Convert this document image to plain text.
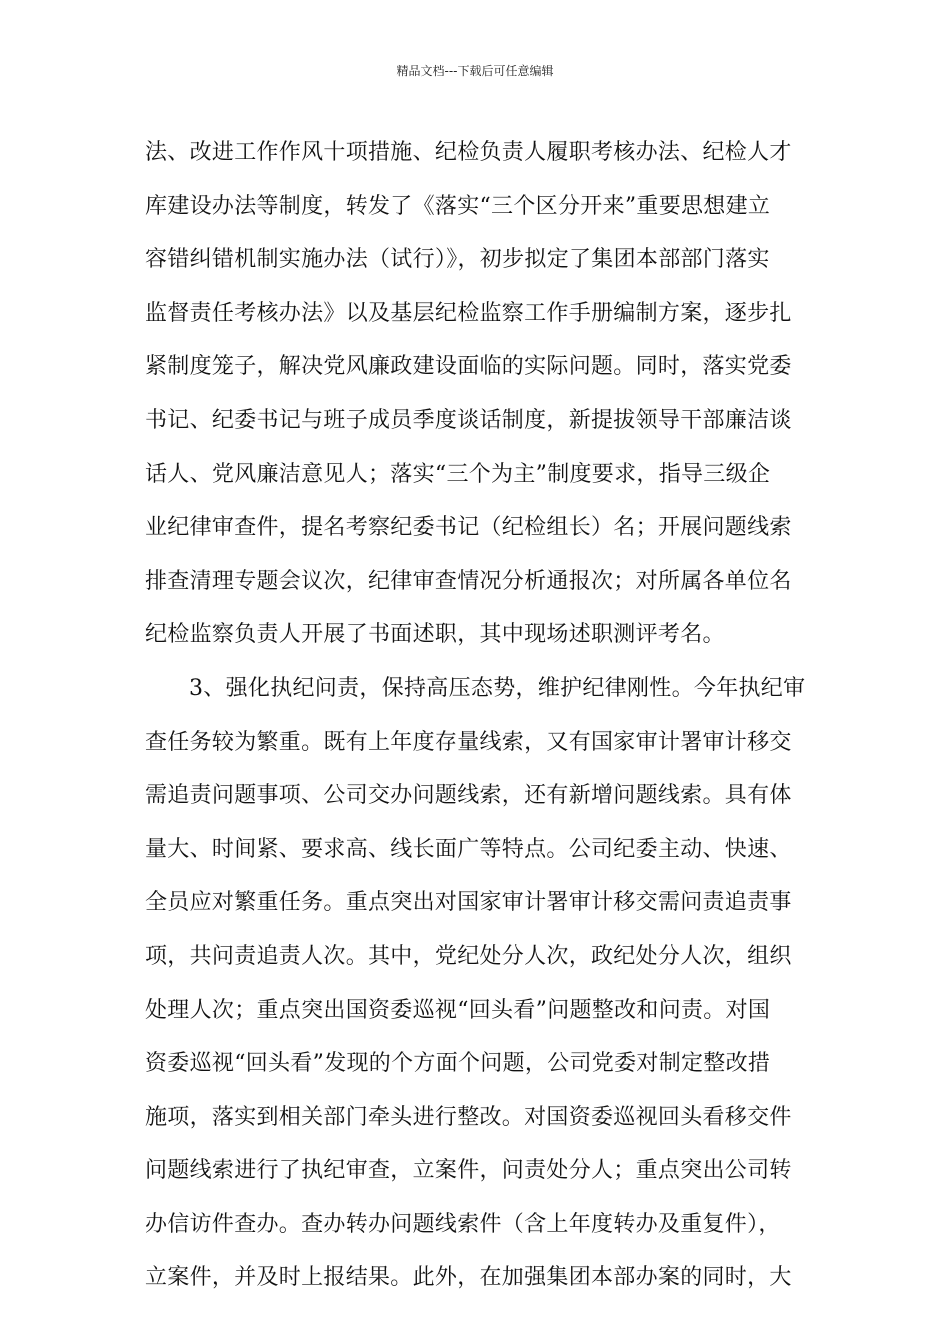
精品文档---下载后可任意编辑
法、改进工作作风十项措施、纪检负责人履职考核办法、纪检人才
库建设办法等制度，转发了《落实“三个区分开来”重要思想建立
容错纠错机制实施办法（试行）》，初步拟定了集团本部部门落实
监督责任考核办法》以及基层纪检监察工作手册编制方案，逐步扎
紧制度笼子，解决党风廉政建设面临的实际问题。同时，落实党委
书记、纪委书记与班子成员季度谈话制度，新提拔领导干部廉洁谈
话人、党风廉洁意见人；落实“三个为主”制度要求，指导三级企
业纪律审查件，提名考察纪委书记（纪检组长）名；开展问题线索
排查清理专题会议次，纪律审查情况分析通报次；对所属各单位名
纪检监察负责人开展了书面述职，其中现场述职测评考名。
3、强化执纪问责，保持高压态势，维护纪律刚性。今年执纪审
查任务较为繁重。既有上年度存量线索，又有国家审计署审计移交
需追责问题事项、公司交办问题线索，还有新增问题线索。具有体
量大、时间紧、要求高、线长面广等特点。公司纪委主动、快速、
全员应对繁重任务。重点突出对国家审计署审计移交需问责追责事
项，共问责追责人次。其中，党纪处分人次，政纪处分人次，组织
处理人次；重点突出国资委巡视“回头看”问题整改和问责。对国
资委巡视“回头看”发现的个方面个问题，公司党委对制定整改措
施项，落实到相关部门牵头进行整改。对国资委巡视回头看移交件
问题线索进行了执纪审查，立案件，问责处分人；重点突出公司转
办信访件查办。查办转办问题线索件（含上年度转办及重复件），
立案件，并及时上报结果。此外，在加强集团本部办案的同时，大
